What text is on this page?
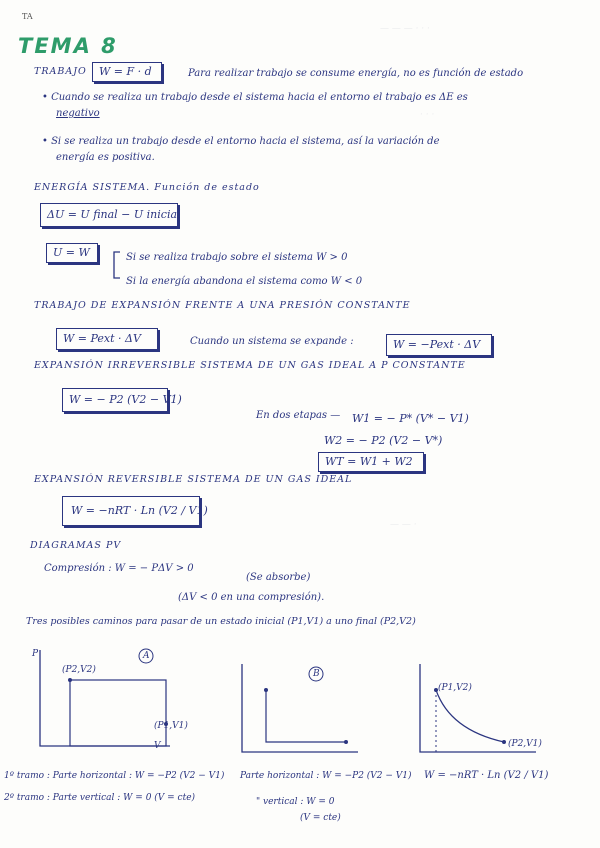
— — — · · ·
· · ·
— — ·
TA
TEMA 8
TRABAJO W = F · d	Para realizar trabajo se consume energía, no es función de estado
• Cuando se realiza un trabajo desde el sistema hacia el entorno el trabajo es ΔE es
negativo
• Si se realiza un trabajo desde el entorno hacia el sistema, así la variación de
energía es positiva.
ENERGÍA SISTEMA. Función de estado
ΔU = U final − U inicial
U = W	Si se realiza trabajo sobre el sistema W > 0
Si la energía abandona el sistema como W < 0
TRABAJO DE EXPANSIÓN FRENTE A UNA PRESIÓN CONSTANTE
W = Pext · ΔV	Cuando un sistema se expande :	W = −Pext · ΔV
EXPANSIÓN IRREVERSIBLE SISTEMA DE UN GAS IDEAL A P CONSTANTE
W = − P2 (V2 − V1)
En dos etapas — W1 = − P* (V* − V1)
W2 = − P2 (V2 − V*)
WT = W1 + W2
EXPANSIÓN REVERSIBLE SISTEMA DE UN GAS IDEAL
W = −nRT · Ln (V2 / V1)
DIAGRAMAS PV
Compresión : W = − PΔV > 0
(Se absorbe)
(ΔV < 0 en una compresión).
Tres posibles caminos para pasar de un estado inicial (P1,V1) a uno final (P2,V2)
P
V
A
(P2,V2)
(P1,V1)
B
(P1,V2)
(P2,V1)
1º tramo : Parte horizontal : W = −P2 (V2 − V1)
2º tramo : Parte vertical : W = 0 (V = cte)
Parte horizontal : W = −P2 (V2 − V1)
" vertical : W = 0
(V = cte)
W = −nRT · Ln (V2 / V1)
